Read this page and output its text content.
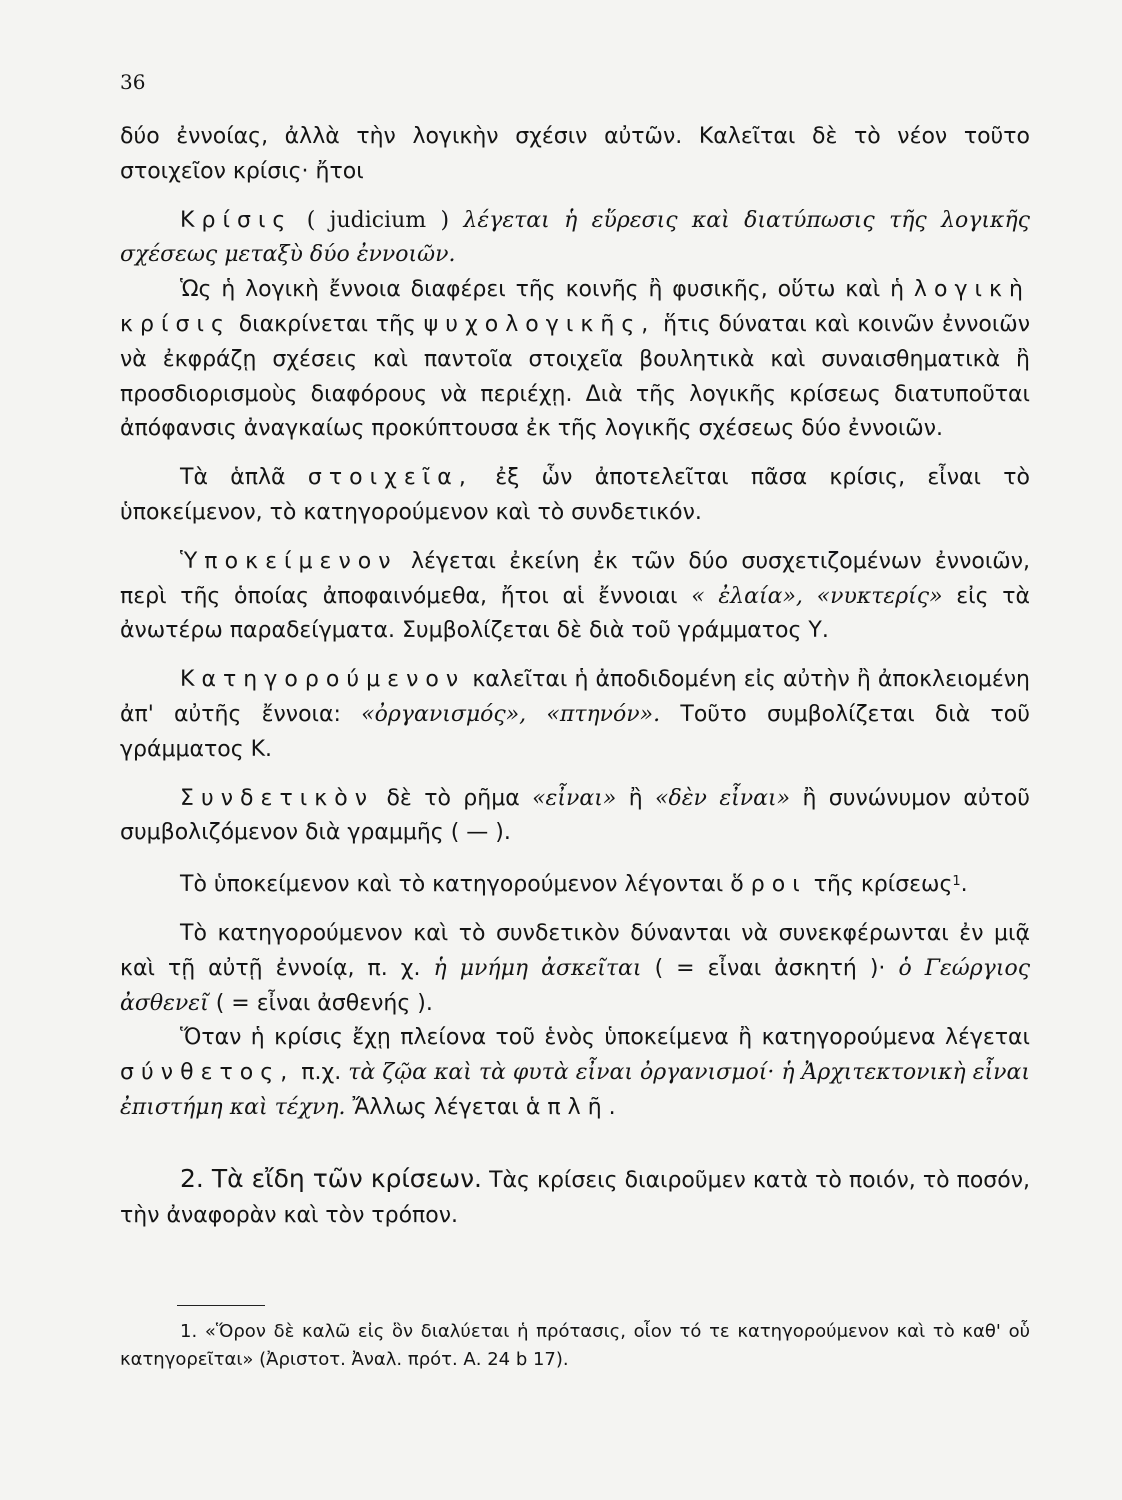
36

δύο ἐννοίας, ἀλλὰ τὴν λογικὴν σχέσιν αὐτῶν. Καλεῖται δὲ τὸ νέον τοῦτο στοιχεῖον κρίσις· ἤτοι

Κρίσις ( judicium ) λέγεται ἡ εὕρεσις καὶ διατύπωσις τῆς λογικῆς σχέσεως μεταξὺ δύο ἐννοιῶν.

Ὡς ἡ λογικὴ ἔννοια διαφέρει τῆς κοινῆς ἢ φυσικῆς, οὕτω καὶ ἡ λογικὴ κρίσις διακρίνεται τῆς ψυχολογικῆς, ἥτις δύναται καὶ κοινῶν ἐννοιῶν νὰ ἐκφράζῃ σχέσεις καὶ παντοῖα στοιχεῖα βουλητικὰ καὶ συναισθηματικὰ ἢ προσδιορισμοὺς διαφόρους νὰ περιέχῃ. Διὰ τῆς λογικῆς κρίσεως διατυποῦται ἀπόφανσις ἀναγκαίως προκύπτουσα ἐκ τῆς λογικῆς σχέσεως δύο ἐννοιῶν.

Τὰ ἁπλᾶ στοιχεῖα, ἐξ ὧν ἀποτελεῖται πᾶσα κρίσις, εἶναι τὸ ὑποκείμενον, τὸ κατηγορούμενον καὶ τὸ συνδετικόν.

Ὑποκείμενον λέγεται ἐκείνη ἐκ τῶν δύο συσχετιζομένων ἐννοιῶν, περὶ τῆς ὁποίας ἀποφαινόμεθα, ἤτοι αἱ ἔννοιαι « ἐλαία», «νυκτερίς» εἰς τὰ ἀνωτέρω παραδείγματα. Συμβολίζεται δὲ διὰ τοῦ γράμματος Υ.

Κατηγορούμενον καλεῖται ἡ ἀποδιδομένη εἰς αὐτὴν ἢ ἀποκλειομένη ἀπ' αὐτῆς ἔννοια: «ὀργανισμός», «πτηνόν». Τοῦτο συμβολίζεται διὰ τοῦ γράμματος Κ.

Συνδετικὸν δὲ τὸ ρῆμα «εἶναι» ἢ «δὲν εἶναι» ἢ συνώνυμον αὐτοῦ συμβολιζόμενον διὰ γραμμῆς ( — ).

Τὸ ὑποκείμενον καὶ τὸ κατηγορούμενον λέγονται ὅροι τῆς κρίσεως$^1$.

Τὸ κατηγορούμενον καὶ τὸ συνδετικὸν δύνανται νὰ συνεκφέρωνται ἐν μιᾷ καὶ τῇ αὐτῇ ἐννοίᾳ, π. χ. ἡ μνήμη ἀσκεῖται ( = εἶναι ἀσκητή )· ὁ Γεώργιος ἀσθενεῖ ( = εἶναι ἀσθενής ).

Ὅταν ἡ κρίσις ἔχῃ πλείονα τοῦ ἑνὸς ὑποκείμενα ἢ κατηγορούμενα λέγεται σύνθετος, π.χ. τὰ ζῷα καὶ τὰ φυτὰ εἶναι ὀργανισμοί· ἡ Ἀρχιτεκτονικὴ εἶναι ἐπιστήμη καὶ τέχνη. Ἄλλως λέγεται ἁπλῆ.

2. Τὰ εἴδη τῶν κρίσεων. Τὰς κρίσεις διαιροῦμεν κατὰ τὸ ποιόν, τὸ ποσόν, τὴν ἀναφορὰν καὶ τὸν τρόπον.

1. «Ὅρον δὲ καλῶ εἰς ὃν διαλύεται ἡ πρότασις, οἷον τό τε κατηγορούμενον καὶ τὸ καθ' οὗ κατηγορεῖται» (Ἀριστοτ. Ἀναλ. πρότ. Α. 24 b 17).
